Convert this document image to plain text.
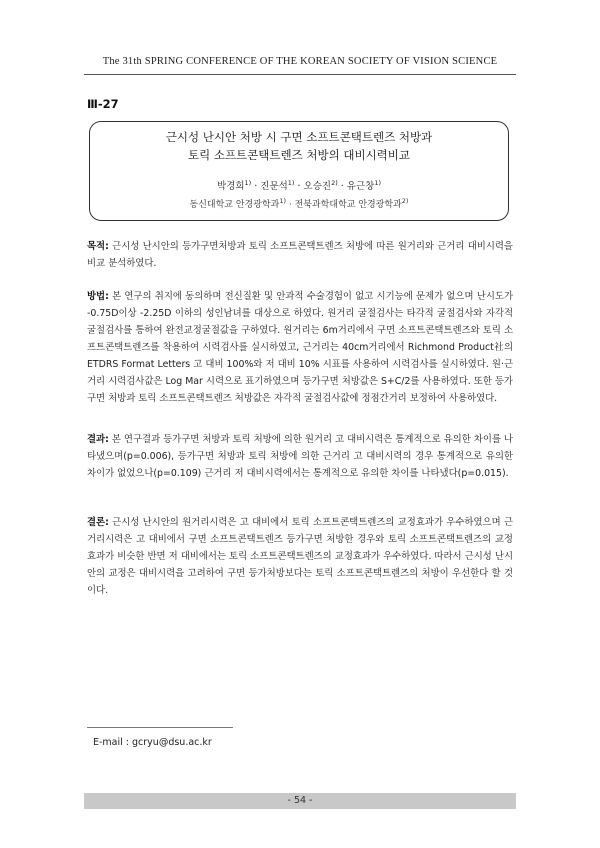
The 31th SPRING CONFERENCE OF THE KOREAN SOCIETY OF VISION SCIENCE
Ⅲ-27
근시성 난시안 처방 시 구면 소프트콘택트렌즈 처방과
토릭 소프트콘택트렌즈 처방의 대비시력비교
박경희$^{1)}$ · 진문석$^{1)}$ · 오승진$^{2)}$ · 유근창$^{1)}$
동신대학교 안경광학과$^{1)}$ · 전북과학대학교 안경광학과$^{2)}$
목적: 근시성 난시안의 등가구면처방과 토릭 소프트콘택트렌즈 처방에 따른 원거리와 근거리 대비시력을 비교 분석하였다.
방법: 본 연구의 취지에 동의하며 전신질환 및 안과적 수술경험이 없고 시기능에 문제가 없으며 난시도가 -0.75D이상 -2.25D 이하의 성인남녀를 대상으로 하였다. 원거리 굴절검사는 타각적 굴절검사와 자각적 굴절검사를 통하여 완전교정굴절값을 구하였다. 원거리는 6m거리에서 구면 소프트콘택트렌즈와 토릭 소프트콘택트렌즈를 착용하여 시력검사를 실시하였고, 근거리는 40cm거리에서 Richmond Product社의 ETDRS Format Letters 고 대비 100%와 저 대비 10% 시표를 사용하여 시력검사를 실시하였다. 원·근거리 시력검사값은 Log Mar 시력으로 표기하였으며 등가구면 처방값은 S+C/2를 사용하였다. 또한 등가구면 처방과 토릭 소프트콘택트렌즈 처방값은 자각적 굴절검사값에 정점간거리 보정하여 사용하였다.
결과: 본 연구결과 등가구면 처방과 토릭 처방에 의한 원거리 고 대비시력은 통계적으로 유의한 차이를 나타냈으며(p=0.006), 등가구면 처방과 토릭 처방에 의한 근거리 고 대비시력의 경우 통계적으로 유의한 차이가 없었으나(p=0.109) 근거리 저 대비시력에서는 통계적으로 유의한 차이를 나타냈다(p=0.015).
결론: 근시성 난시안의 원거리시력은 고 대비에서 토릭 소프트콘택트렌즈의 교정효과가 우수하였으며 근거리시력은 고 대비에서 구면 소프트콘택트렌즈 등가구면 처방한 경우와 토릭 소프트콘택트렌즈의 교정효과가 비슷한 반면 저 대비에서는 토릭 소프트콘택트렌즈의 교정효과가 우수하였다. 따라서 근시성 난시안의 교정은 대비시력을 고려하여 구면 등가처방보다는 토릭 소프트콘택트렌즈의 처방이 우선한다 할 것이다.
E-mail : gcryu@dsu.ac.kr
- 54 -
